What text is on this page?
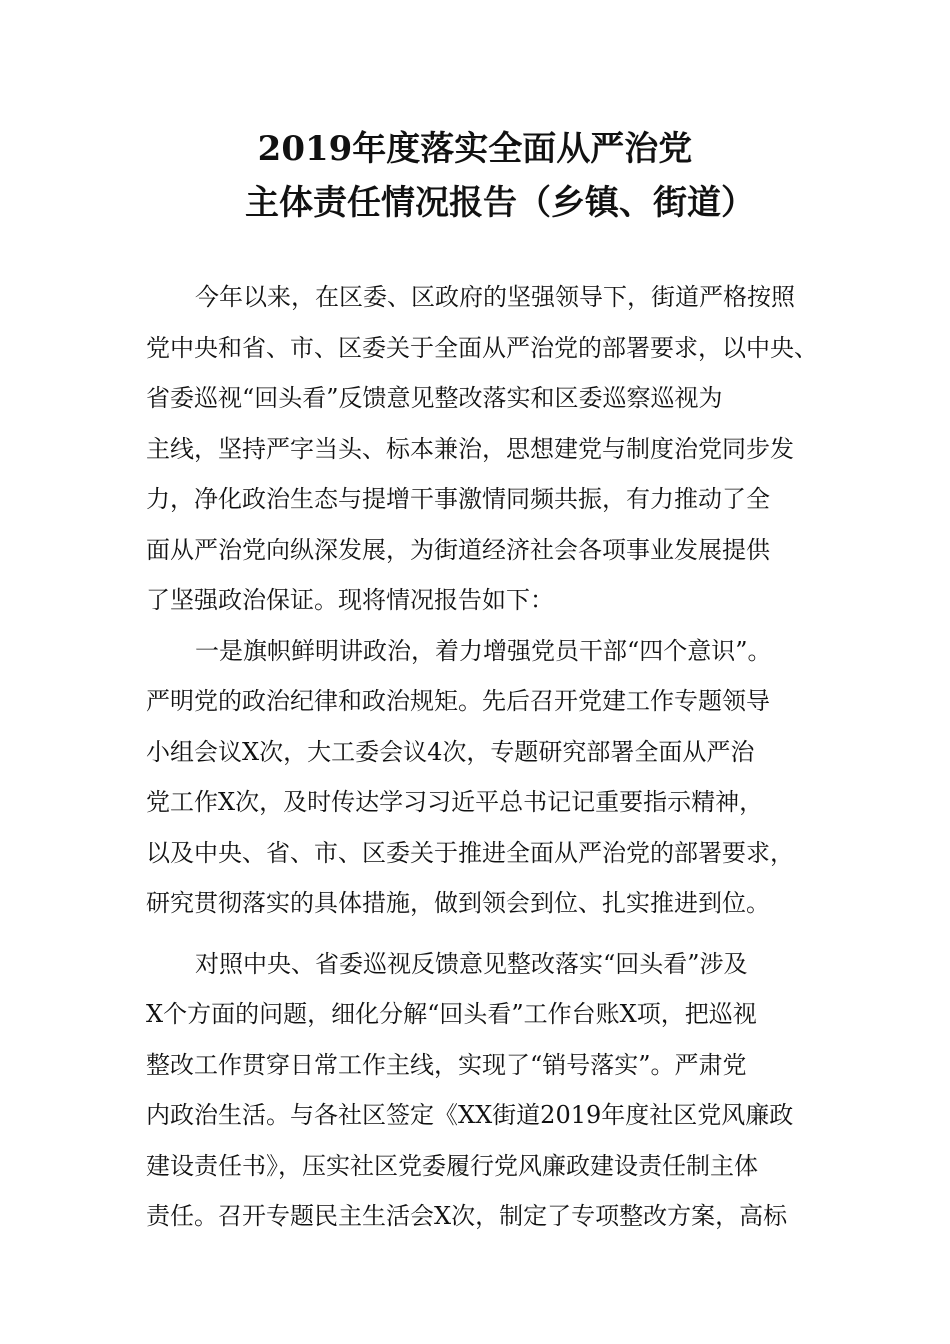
2019年度落实全面从严治党
主体责任情况报告（乡镇、街道）
今年以来，在区委、区政府的坚强领导下，街道严格按照
党中央和省、市、区委关于全面从严治党的部署要求，以中央、
省委巡视“回头看”反馈意见整改落实和区委巡察巡视为
主线，坚持严字当头、标本兼治，思想建党与制度治党同步发
力，净化政治生态与提增干事激情同频共振，有力推动了全
面从严治党向纵深发展，为街道经济社会各项事业发展提供
了坚强政治保证。现将情况报告如下：
一是旗帜鲜明讲政治，着力增强党员干部“四个意识”。
严明党的政治纪律和政治规矩。先后召开党建工作专题领导
小组会议X次，大工委会议4次，专题研究部署全面从严治
党工作X次，及时传达学习习近平总书记记重要指示精神，
以及中央、省、市、区委关于推进全面从严治党的部署要求，
研究贯彻落实的具体措施，做到领会到位、扎实推进到位。
对照中央、省委巡视反馈意见整改落实“回头看”涉及
X个方面的问题，细化分解“回头看”工作台账X项，把巡视
整改工作贯穿日常工作主线，实现了“销号落实”。严肃党
内政治生活。与各社区签定《XX街道2019年度社区党风廉政
建设责任书》，压实社区党委履行党风廉政建设责任制主体
责任。召开专题民主生活会X次，制定了专项整改方案，高标
